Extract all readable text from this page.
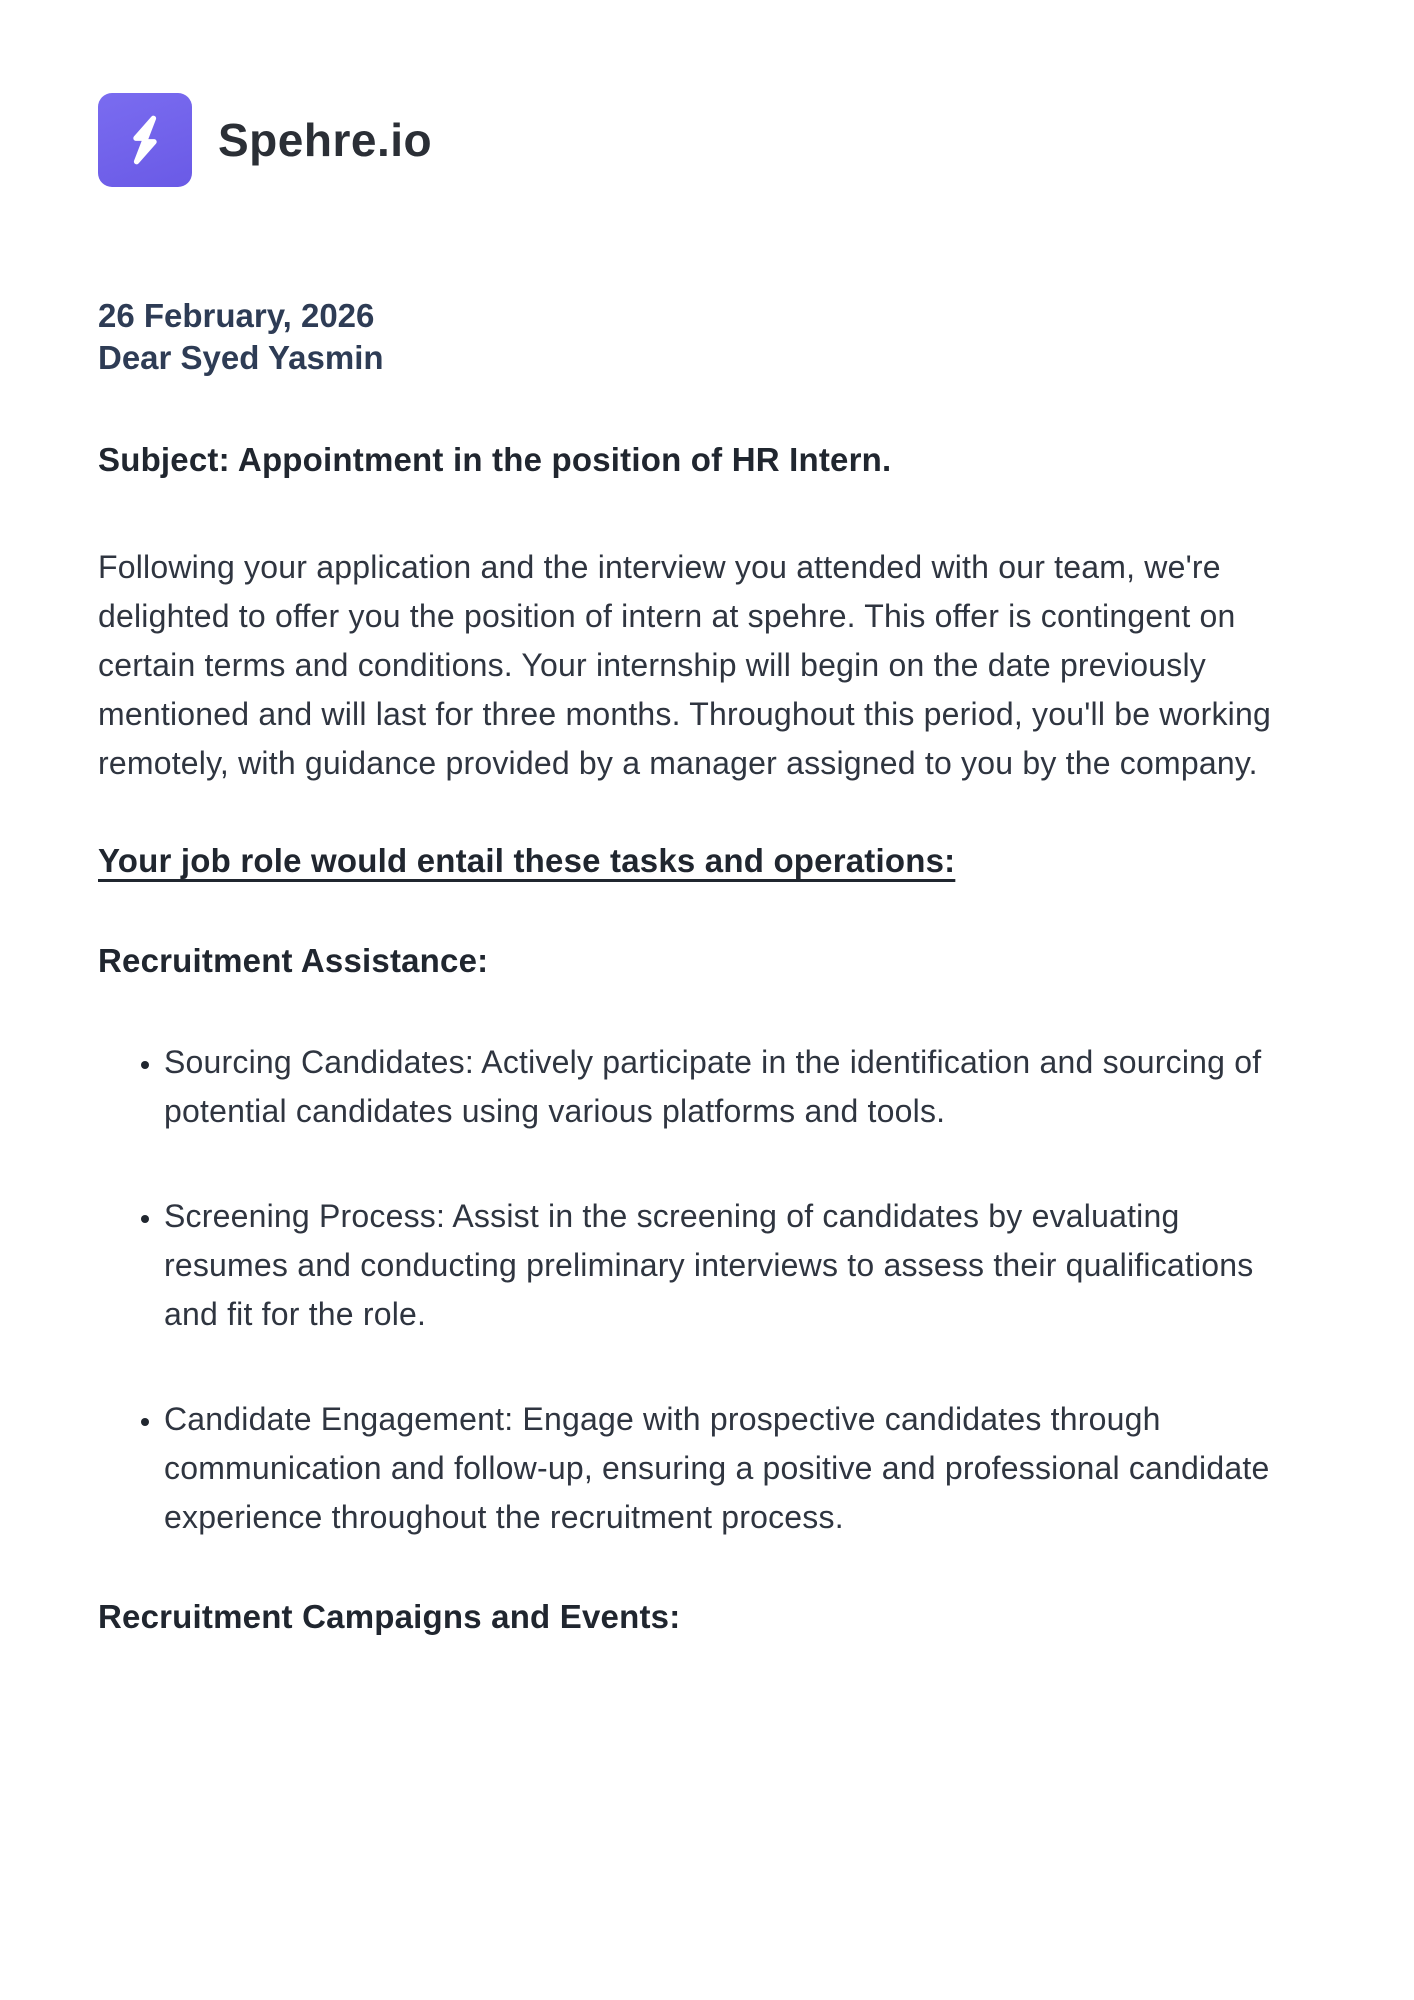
Spehre.io
26 February, 2026
Dear Syed Yasmin
Subject: Appointment in the position of HR Intern.

Following your application and the interview you attended with our team, we're delighted to offer you the position of intern at spehre. This offer is contingent on certain terms and conditions. Your internship will begin on the date previously mentioned and will last for three months. Throughout this period, you'll be working remotely, with guidance provided by a manager assigned to you by the company.

Your job role would entail these tasks and operations:
Recruitment Assistance:
• Sourcing Candidates: Actively participate in the identification and sourcing of potential candidates using various platforms and tools.
• Screening Process: Assist in the screening of candidates by evaluating resumes and conducting preliminary interviews to assess their qualifications and fit for the role.
• Candidate Engagement: Engage with prospective candidates through communication and follow-up, ensuring a positive and professional candidate experience throughout the recruitment process.
Recruitment Campaigns and Events:
